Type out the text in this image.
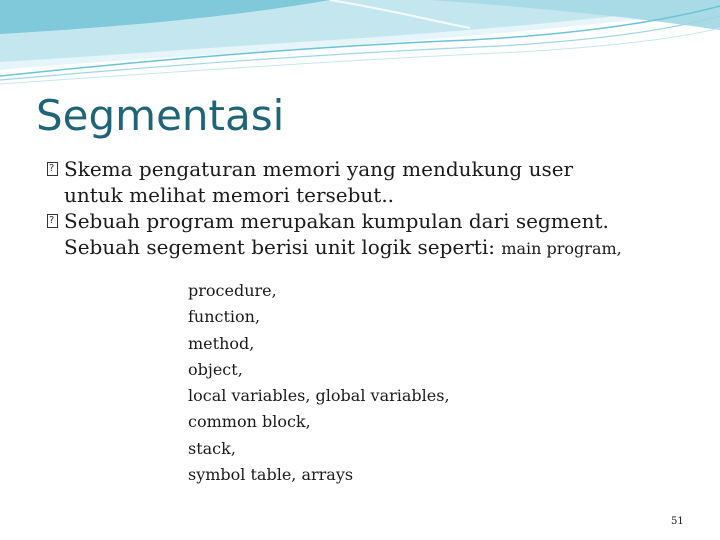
Segmentasi
?
Skema pengaturan memori yang mendukung user
untuk melihat memori tersebut..
?
Sebuah program merupakan kumpulan dari segment.
Sebuah segement berisi unit logik seperti: main program,
procedure,
function,
method,
object,
local variables, global variables,
common block,
stack,
symbol table, arrays
51
